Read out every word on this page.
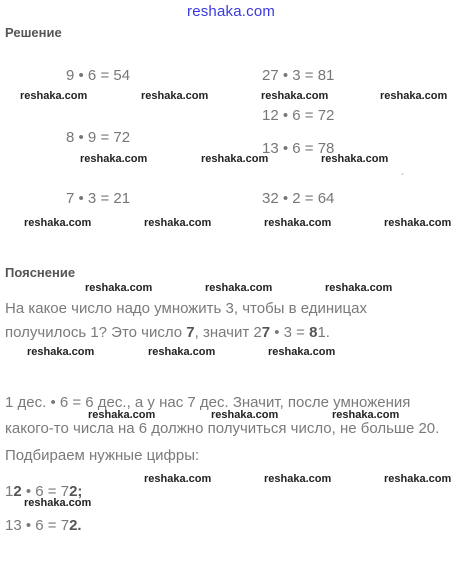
reshaka.com
Решение
9 • 6 = 54	27 • 3 = 81
12 • 6 = 72
8 • 9 = 72
13 • 6 = 78
7 • 3 = 21	32 • 2 = 64
reshaka.com	reshaka.com	reshaka.com	reshaka.com
reshaka.com	reshaka.com	reshaka.com
reshaka.com	reshaka.com	reshaka.com	reshaka.com
·
Пояснение
reshaka.com	reshaka.com	reshaka.com
На какое число надо умножить 3, чтобы в единицах
получилось 1? Это число 7, значит 27 • 3 = 81.
reshaka.com	reshaka.com	reshaka.com
1 дес. • 6 = 6 дес., а у нас 7 дес. Значит, после умножения
reshaka.com	reshaka.com	reshaka.com
какого-то числа на 6 должно получиться число, не больше 20.
Подбираем нужные цифры:
reshaka.com	reshaka.com	reshaka.com
12 • 6 = 72;
reshaka.com
13 • 6 = 72.
